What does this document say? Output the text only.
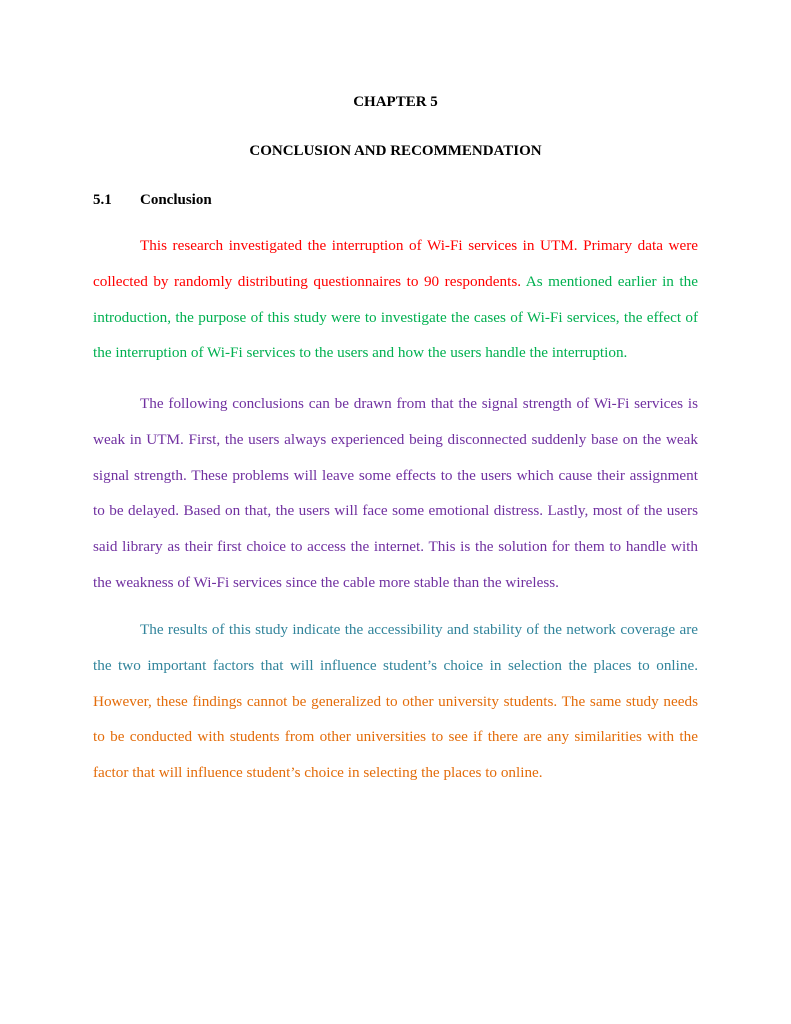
CHAPTER 5
CONCLUSION AND RECOMMENDATION
5.1 Conclusion

This research investigated the interruption of Wi-Fi services in UTM. Primary data were collected by randomly distributing questionnaires to 90 respondents. As mentioned earlier in the introduction, the purpose of this study were to investigate the cases of Wi-Fi services, the effect of the interruption of Wi-Fi services to the users and how the users handle the interruption.

The following conclusions can be drawn from that the signal strength of Wi-Fi services is weak in UTM. First, the users always experienced being disconnected suddenly base on the weak signal strength. These problems will leave some effects to the users which cause their assignment to be delayed. Based on that, the users will face some emotional distress. Lastly, most of the users said library as their first choice to access the internet. This is the solution for them to handle with the weakness of Wi-Fi services since the cable more stable than the wireless.

The results of this study indicate the accessibility and stability of the network coverage are the two important factors that will influence student’s choice in selection the places to online. However, these findings cannot be generalized to other university students. The same study needs to be conducted with students from other universities to see if there are any similarities with the factor that will influence student’s choice in selecting the places to online.
